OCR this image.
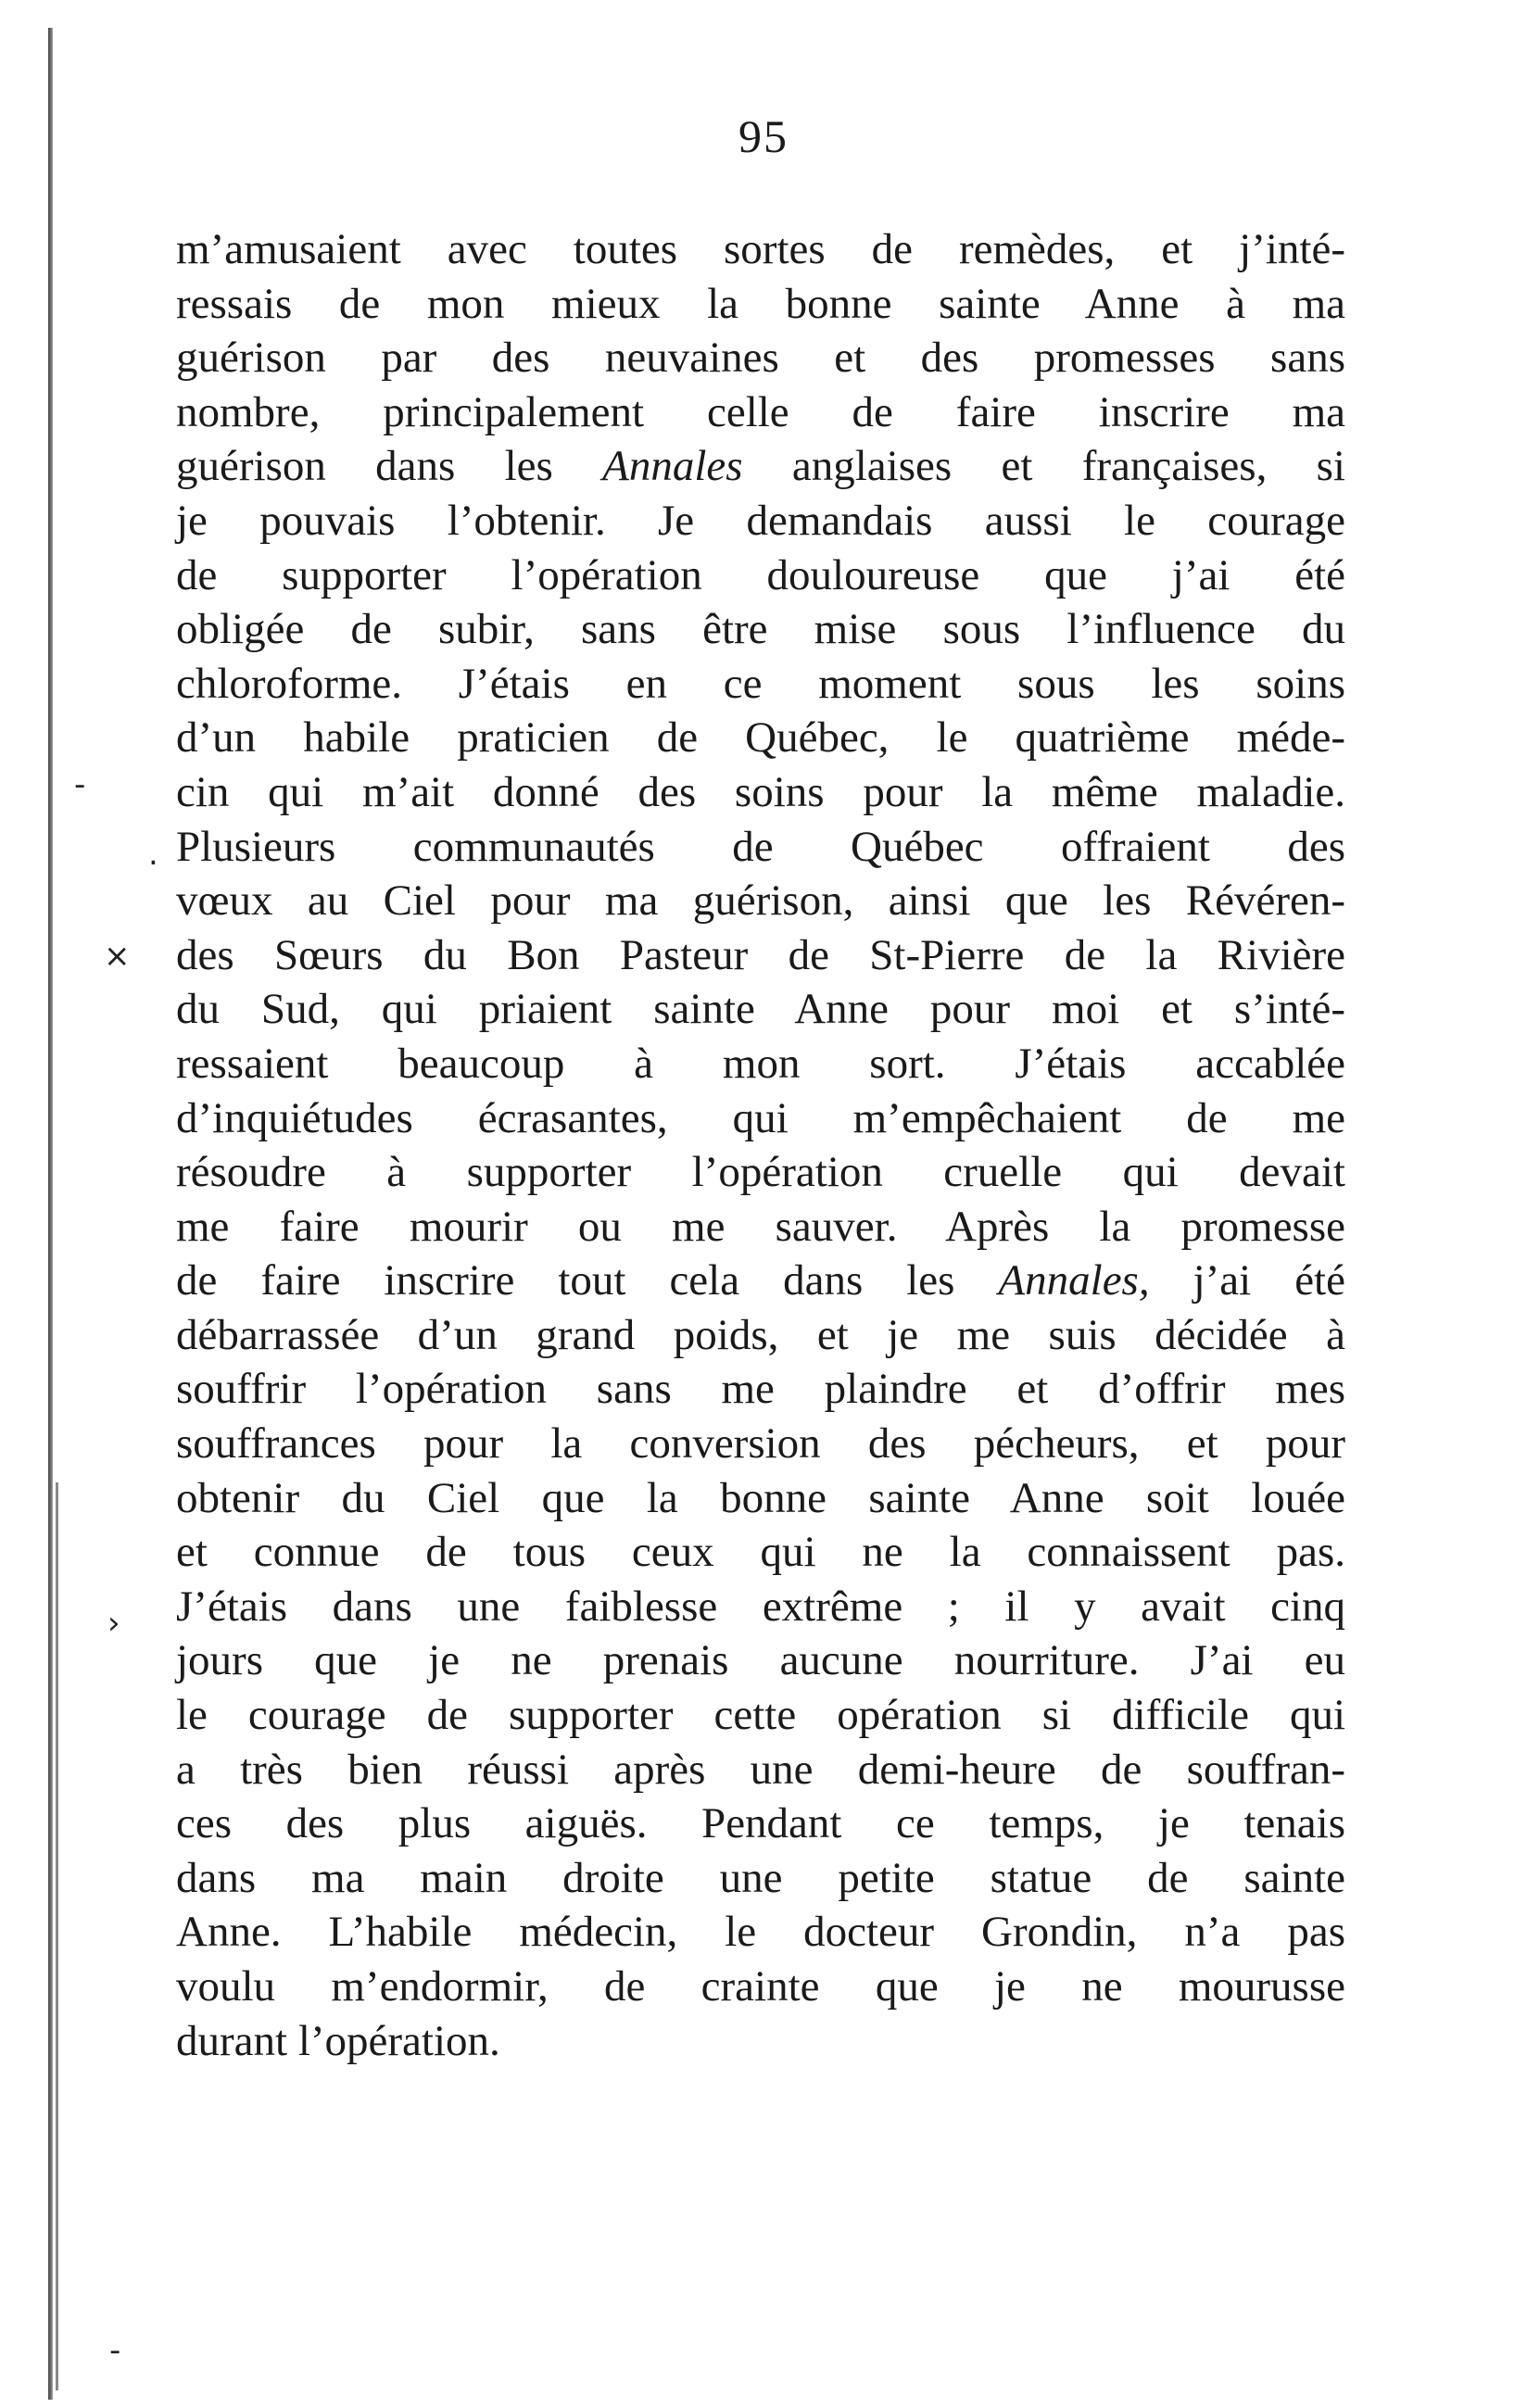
-
.
⨯
›
-
95
m’amusaient avec toutes sortes de remèdes, et j’inté-
ressais de mon mieux la bonne sainte Anne à ma
guérison par des neuvaines et des promesses sans
nombre, principalement celle de faire inscrire ma
guérison dans les Annales anglaises et françaises, si
je pouvais l’obtenir. Je demandais aussi le courage
de supporter l’opération douloureuse que j’ai été
obligée de subir, sans être mise sous l’influence du
chloroforme. J’étais en ce moment sous les soins
d’un habile praticien de Québec, le quatrième méde-
cin qui m’ait donné des soins pour la même maladie.
Plusieurs communautés de Québec offraient des
vœux au Ciel pour ma guérison, ainsi que les Révéren-
des Sœurs du Bon Pasteur de St-Pierre de la Rivière
du Sud, qui priaient sainte Anne pour moi et s’inté-
ressaient beaucoup à mon sort. J’étais accablée
d’inquiétudes écrasantes, qui m’empêchaient de me
résoudre à supporter l’opération cruelle qui devait
me faire mourir ou me sauver. Après la promesse
de faire inscrire tout cela dans les Annales, j’ai été
débarrassée d’un grand poids, et je me suis décidée à
souffrir l’opération sans me plaindre et d’offrir mes
souffrances pour la conversion des pécheurs, et pour
obtenir du Ciel que la bonne sainte Anne soit louée
et connue de tous ceux qui ne la connaissent pas.
J’étais dans une faiblesse extrême ; il y avait cinq
jours que je ne prenais aucune nourriture. J’ai eu
le courage de supporter cette opération si difficile qui
a très bien réussi après une demi-heure de souffran-
ces des plus aiguës. Pendant ce temps, je tenais
dans ma main droite une petite statue de sainte
Anne. L’habile médecin, le docteur Grondin, n’a pas
voulu m’endormir, de crainte que je ne mourusse
durant l’opération.
